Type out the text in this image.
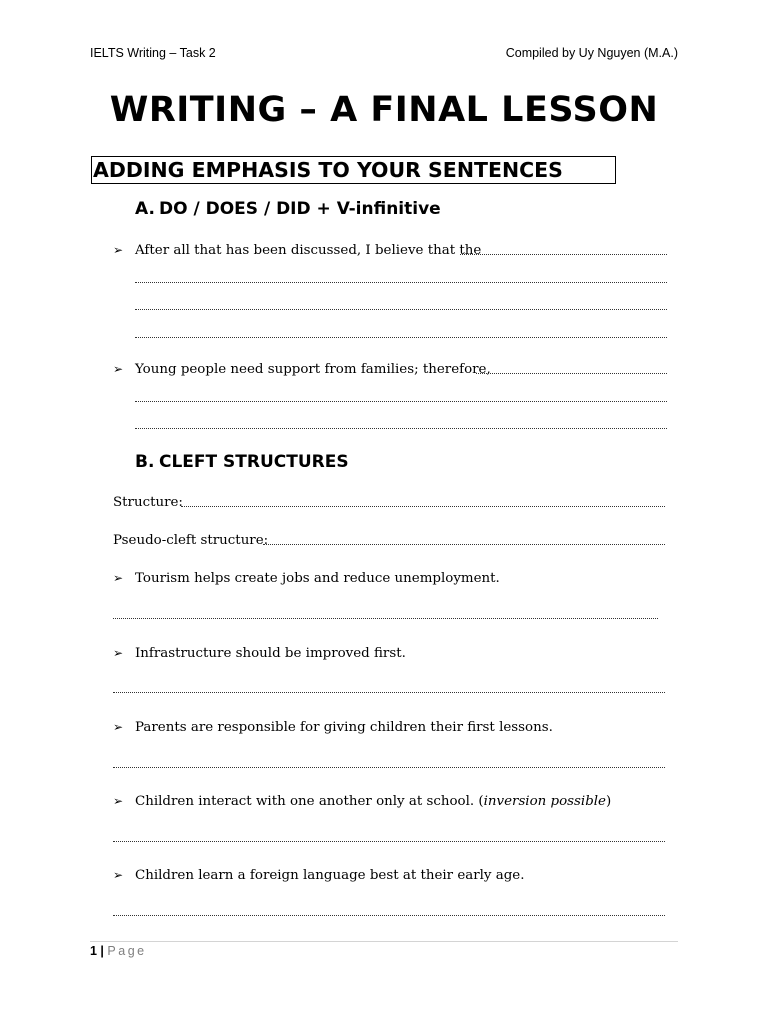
IELTS Writing – Task 2	Compiled by Uy Nguyen (M.A.)
WRITING – A FINAL LESSON
ADDING EMPHASIS TO YOUR SENTENCES
A. DO / DOES / DID + V-infinitive
➢ After all that has been discussed, I believe that the
➢ Young people need support from families; therefore,
B. CLEFT STRUCTURES
Structure:
Pseudo-cleft structure:
➢ Tourism helps create jobs and reduce unemployment.
➢ Infrastructure should be improved first.
➢ Parents are responsible for giving children their first lessons.
➢ Children interact with one another only at school. (inversion possible)
➢ Children learn a foreign language best at their early age.
1 | Page
